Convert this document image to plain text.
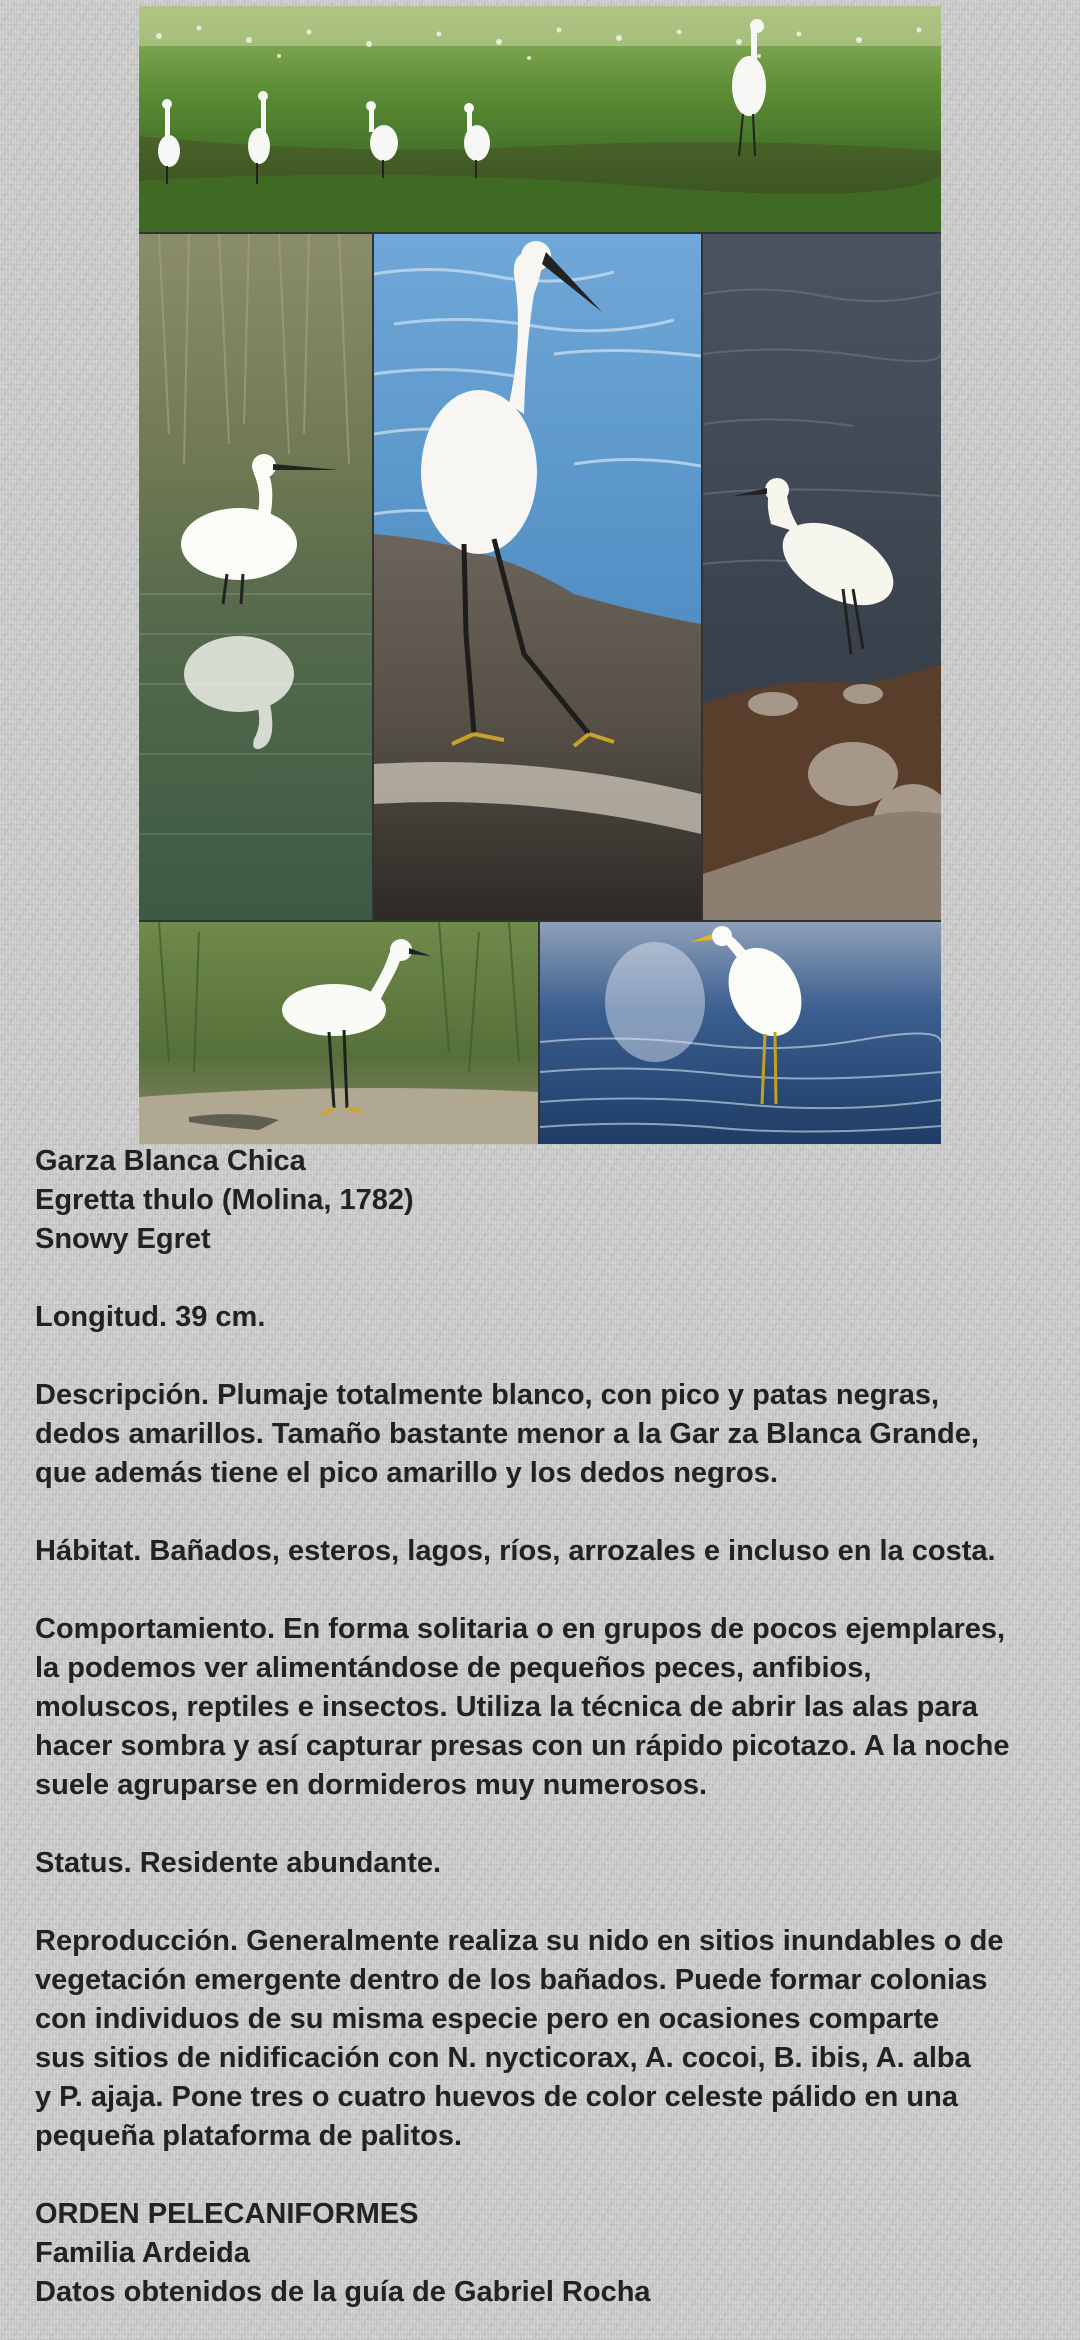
Garza Blanca Chica

Egretta thulo (Molina, 1782)

Snowy Egret

Longitud. 39 cm.

Descripción. Plumaje totalmente blanco, con pico y patas negras,

dedos amarillos. Tamaño bastante menor a la Gar za Blanca Grande,

que además tiene el pico amarillo y los dedos negros.

Hábitat. Bañados, esteros, lagos, ríos, arrozales e incluso en la costa.

Comportamiento. En forma solitaria o en grupos de pocos ejemplares,

la podemos ver alimentándose de pequeños peces, anfibios,

moluscos, reptiles e insectos. Utiliza la técnica de abrir las alas para

hacer sombra y así capturar presas con un rápido picotazo. A la noche

suele agruparse en dormideros muy numerosos.

Status. Residente abundante.

Reproducción. Generalmente realiza su nido en sitios inundables o de

vegetación emergente dentro de los bañados. Puede formar colonias

con individuos de su misma especie pero en ocasiones comparte

sus sitios de nidificación con N. nycticorax, A. cocoi, B. ibis, A. alba

y P. ajaja. Pone tres o cuatro huevos de color celeste pálido en una

pequeña plataforma de palitos.

ORDEN PELECANIFORMES

Familia Ardeida

Datos obtenidos de la guía de Gabriel Rocha
